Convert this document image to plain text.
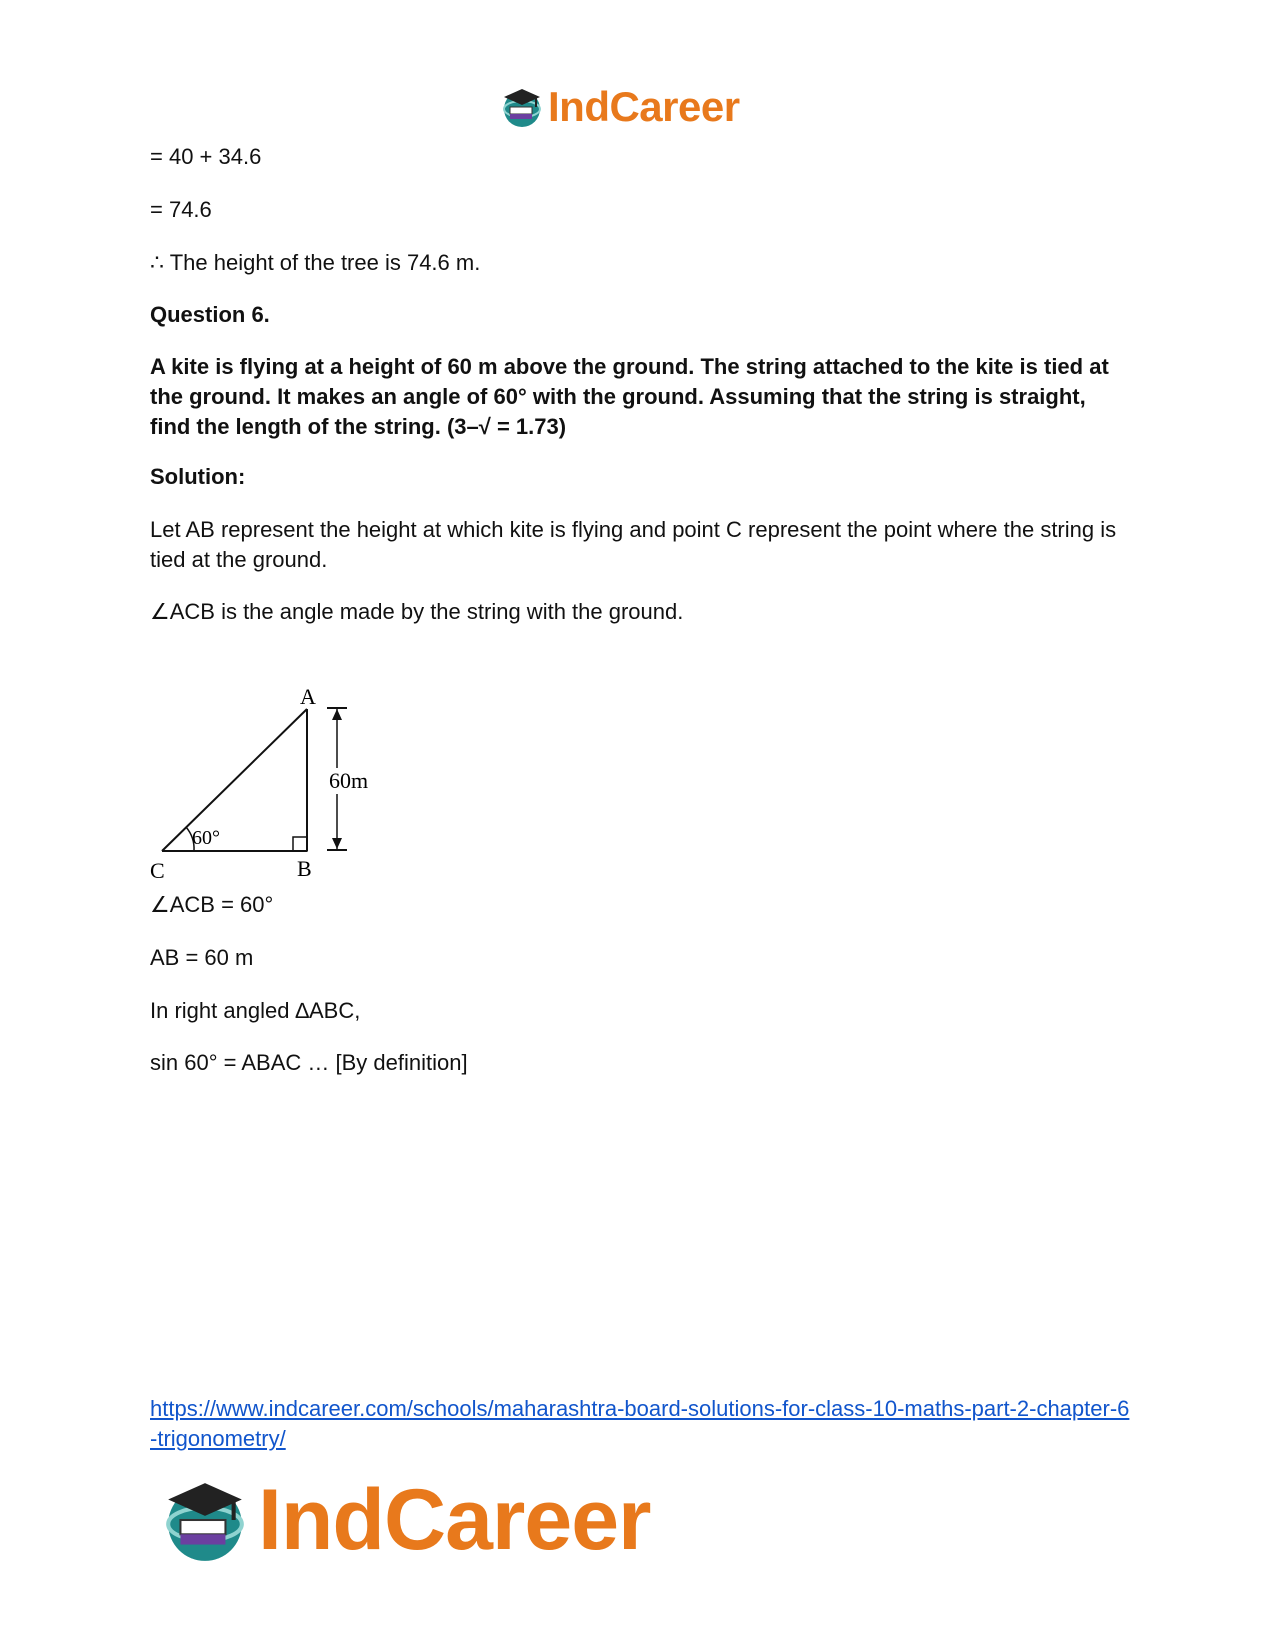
IndCareer

= 40 + 34.6

= 74.6

∴ The height of the tree is 74.6 m.

Question 6.

A kite is flying at a height of 60 m above the ground. The string attached to the kite is tied at the ground. It makes an angle of 60° with the ground. Assuming that the string is straight, find the length of the string. (3–√ = 1.73)

Solution:

Let AB represent the height at which kite is flying and point C represent the point where the string is tied at the ground.

∠ACB is the angle made by the string with the ground.

∠ACB = 60°

AB = 60 m

In right angled ∆ABC,

sin 60° = ABAC … [By definition]

A
B
C
60°
60m
https://www.indcareer.com/schools/maharashtra-board-solutions-for-class-10-maths-part-2-chapter-6-trigonometry/
IndCareer
